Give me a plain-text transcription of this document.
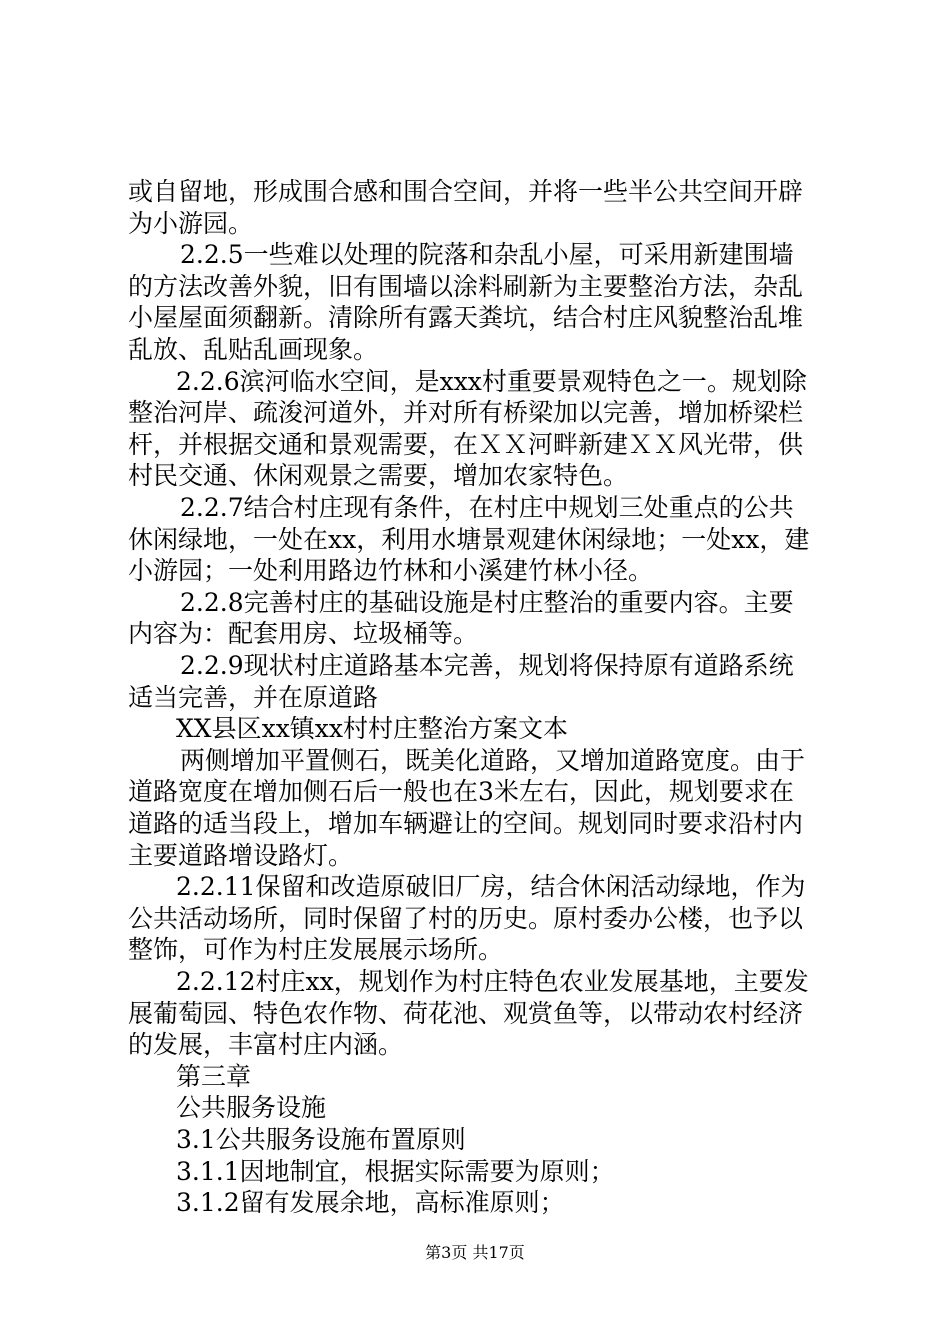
或自留地，形成围合感和围合空间，并将一些半公共空间开辟

为小游园。

2.2.5一些难以处理的院落和杂乱小屋，可采用新建围墙

的方法改善外貌，旧有围墙以涂料刷新为主要整治方法，杂乱

小屋屋面须翻新。清除所有露天粪坑，结合村庄风貌整治乱堆

乱放、乱贴乱画现象。

2.2.6滨河临水空间，是xxx村重要景观特色之一。规划除

整治河岸、疏浚河道外，并对所有桥梁加以完善，增加桥梁栏

杆，并根据交通和景观需要，在ＸＸ河畔新建ＸＸ风光带，供

村民交通、休闲观景之需要，增加农家特色。

2.2.7结合村庄现有条件，在村庄中规划三处重点的公共

休闲绿地，一处在xx，利用水塘景观建休闲绿地；一处xx，建

小游园；一处利用路边竹林和小溪建竹林小径。

2.2.8完善村庄的基础设施是村庄整治的重要内容。主要

内容为：配套用房、垃圾桶等。

2.2.9现状村庄道路基本完善，规划将保持原有道路系统

适当完善，并在原道路

XX县区xx镇xx村村庄整治方案文本

两侧增加平置侧石，既美化道路，又增加道路宽度。由于

道路宽度在增加侧石后一般也在3米左右，因此，规划要求在

道路的适当段上，增加车辆避让的空间。规划同时要求沿村内

主要道路增设路灯。

2.2.11保留和改造原破旧厂房，结合休闲活动绿地，作为

公共活动场所，同时保留了村的历史。原村委办公楼，也予以

整饰，可作为村庄发展展示场所。

2.2.12村庄xx，规划作为村庄特色农业发展基地，主要发

展葡萄园、特色农作物、荷花池、观赏鱼等，以带动农村经济

的发展，丰富村庄内涵。

第三章

公共服务设施

3.1公共服务设施布置原则

3.1.1因地制宜，根据实际需要为原则；

3.1.2留有发展余地，高标准原则；

第3页 共17页
